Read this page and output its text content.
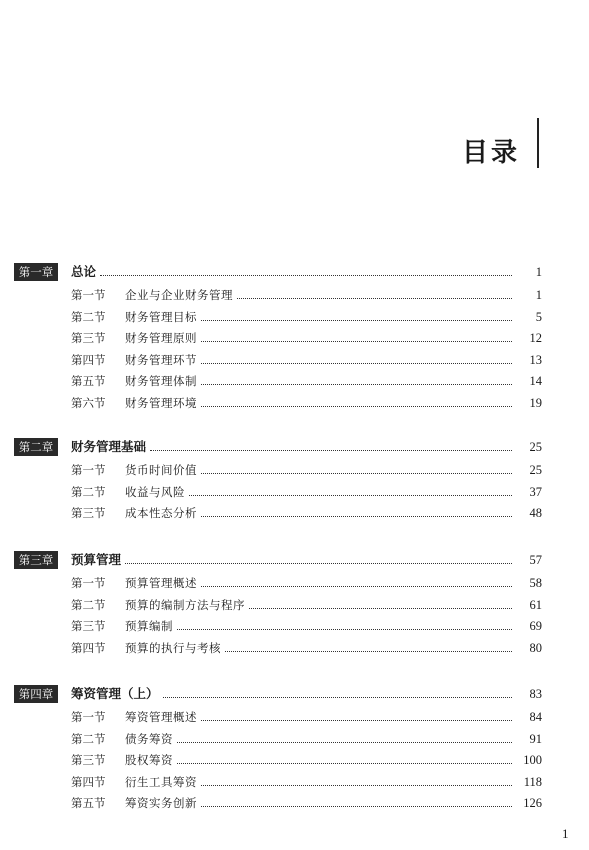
目录
第一章	总论	1
第一节	企业与企业财务管理	1
第二节	财务管理目标	5
第三节	财务管理原则	12
第四节	财务管理环节	13
第五节	财务管理体制	14
第六节	财务管理环境	19
第二章	财务管理基础	25
第一节	货币时间价值	25
第二节	收益与风险	37
第三节	成本性态分析	48
第三章	预算管理	57
第一节	预算管理概述	58
第二节	预算的编制方法与程序	61
第三节	预算编制	69
第四节	预算的执行与考核	80
第四章	筹资管理（上）	83
第一节	筹资管理概述	84
第二节	债务筹资	91
第三节	股权筹资	100
第四节	衍生工具筹资	118
第五节	筹资实务创新	126
1
